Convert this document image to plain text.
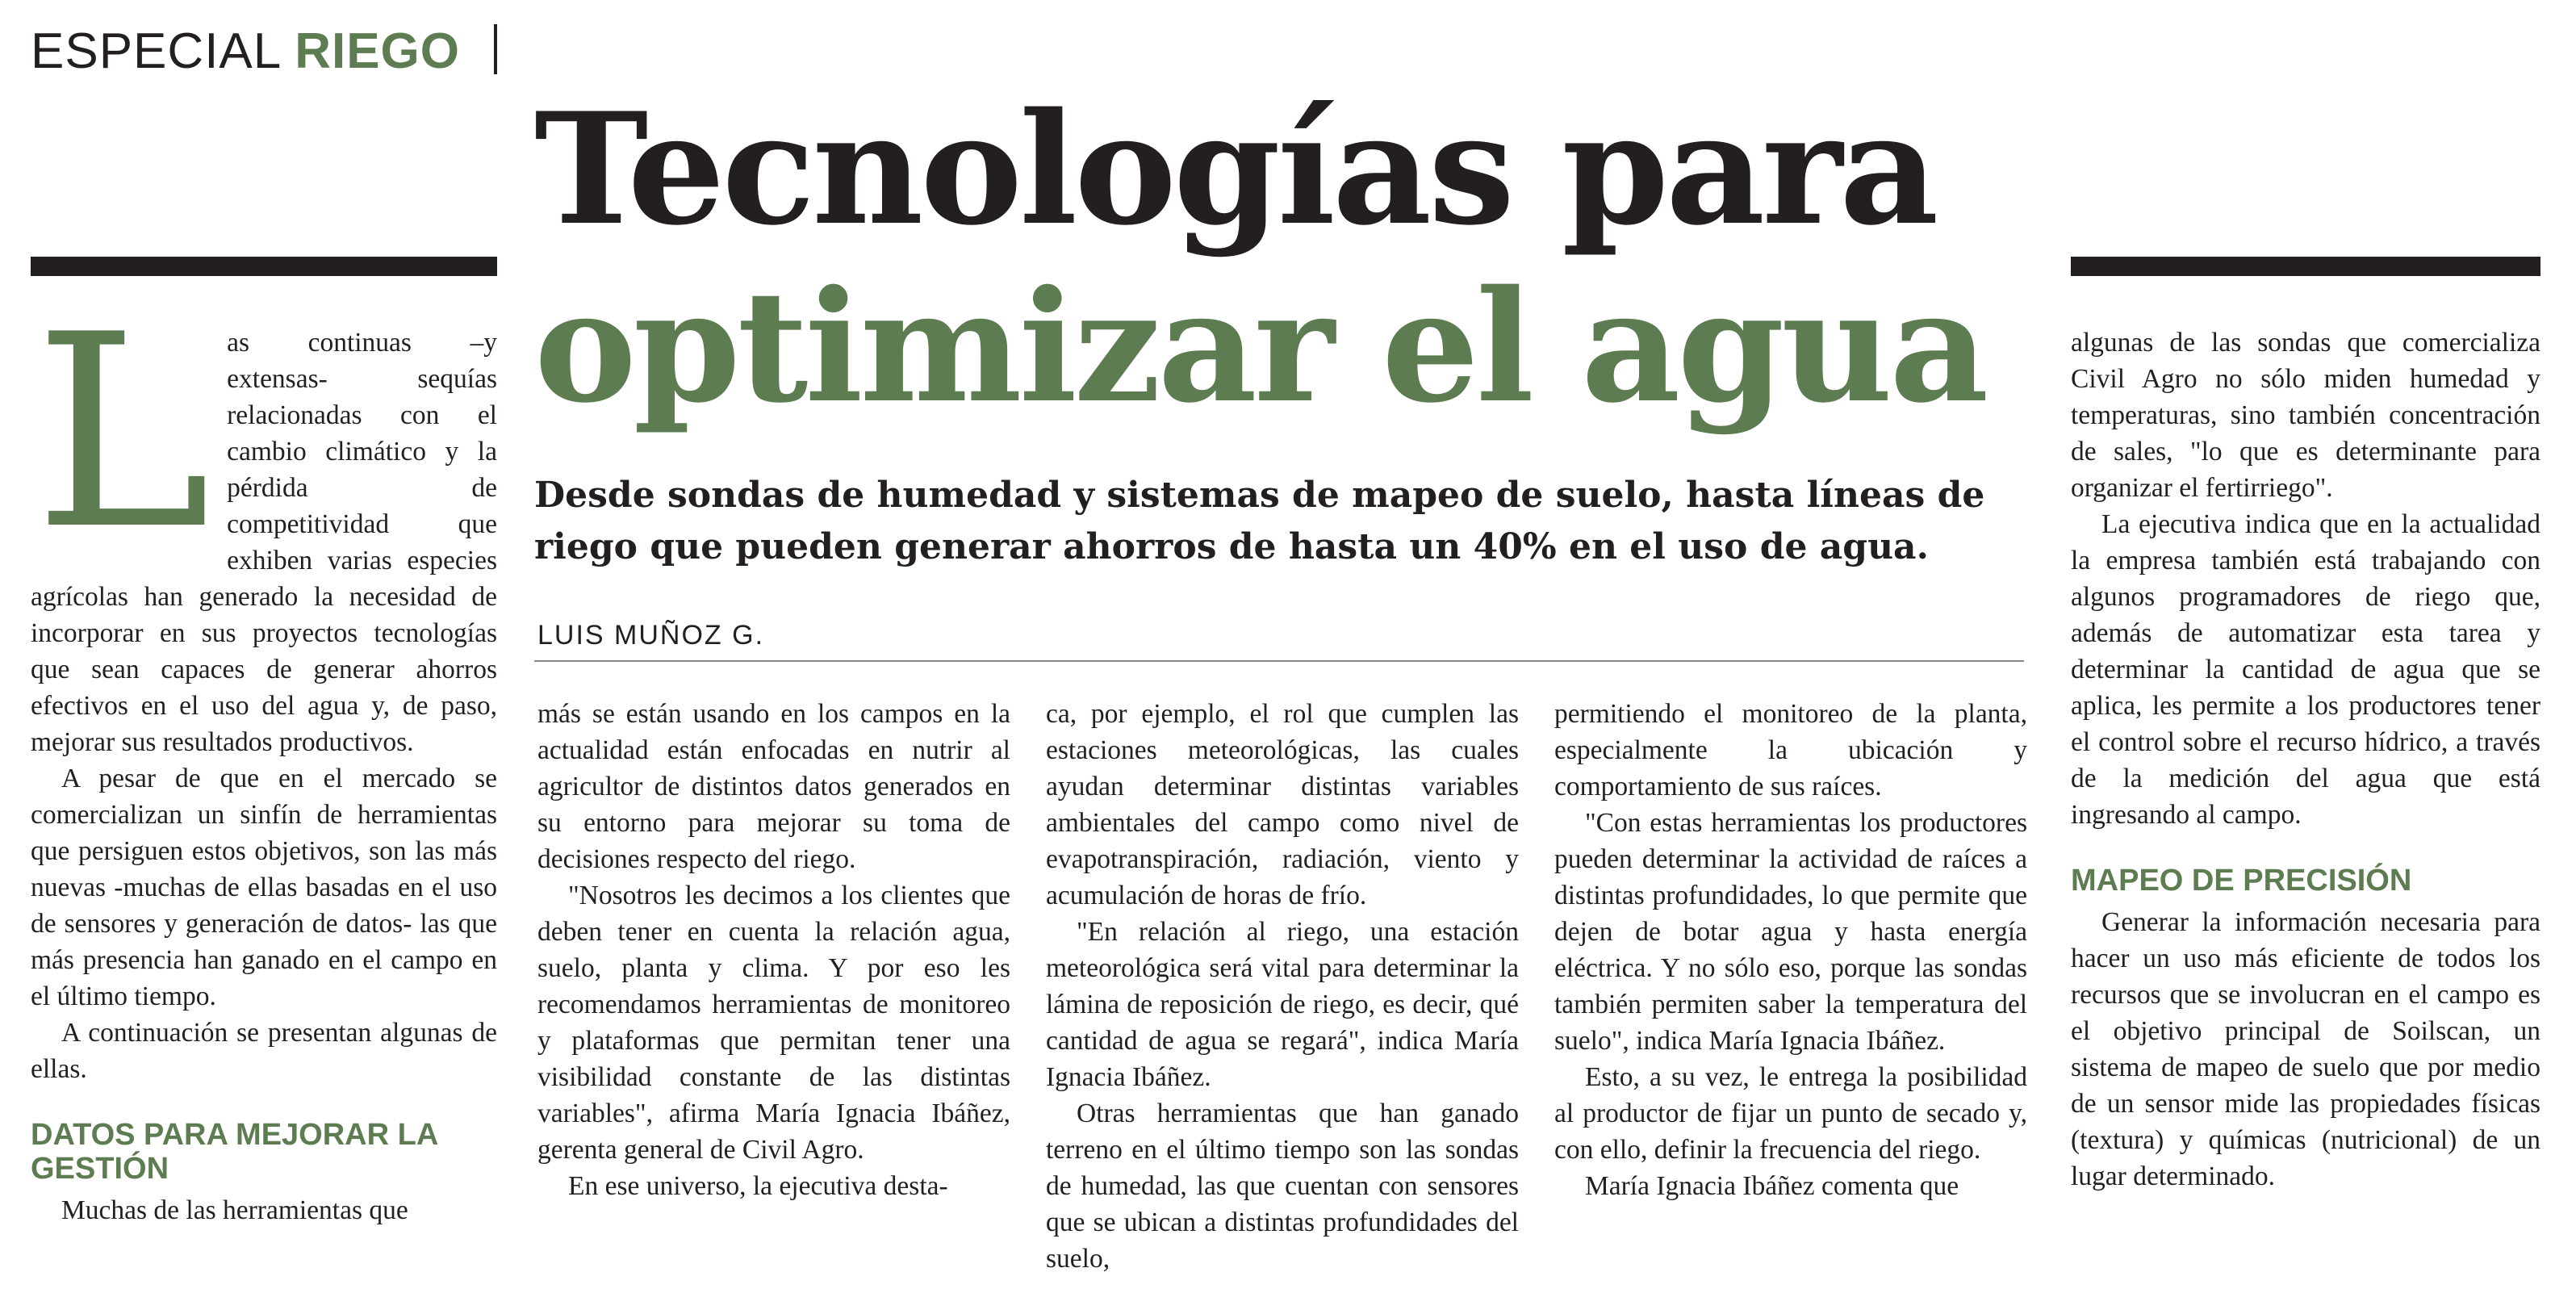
ESPECIAL RIEGO
Tecnologías para
optimizar el agua
Desde sondas de humedad y sistemas de mapeo de suelo, hasta líneas de riego que pueden generar ahorros de hasta un 40% en el uso de agua.
LUIS MUÑOZ G.
L as continuas –y extensas- sequías relacionadas con el cambio climático y la pérdida de competitividad que exhiben varias especies agrícolas han generado la necesidad de incorporar en sus proyectos tecnologías que sean capaces de generar ahorros efectivos en el uso del agua y, de paso, mejorar sus resultados productivos.

A pesar de que en el mercado se comercializan un sinfín de herramientas que persiguen estos objetivos, son las más nuevas -muchas de ellas basadas en el uso de sensores y generación de datos- las que más presencia han ganado en el campo en el último tiempo.

A continuación se presentan algunas de ellas.

DATOS PARA MEJORAR LA GESTIÓN

Muchas de las herramientas que

más se están usando en los campos en la actualidad están enfocadas en nutrir al agricultor de distintos datos generados en su entorno para mejorar su toma de decisiones respecto del riego.

"Nosotros les decimos a los clientes que deben tener en cuenta la relación agua, suelo, planta y clima. Y por eso les recomendamos herramientas de monitoreo y plataformas que permitan tener una visibilidad constante de las distintas variables", afirma María Ignacia Ibáñez, gerenta general de Civil Agro.

En ese universo, la ejecutiva desta-

ca, por ejemplo, el rol que cumplen las estaciones meteorológicas, las cuales ayudan determinar distintas variables ambientales del campo como nivel de evapotranspiración, radiación, viento y acumulación de horas de frío.

"En relación al riego, una estación meteorológica será vital para determinar la lámina de reposición de riego, es decir, qué cantidad de agua se regará", indica María Ignacia Ibáñez.

Otras herramientas que han ganado terreno en el último tiempo son las sondas de humedad, las que cuentan con sensores que se ubican a distintas profundidades del suelo,

permitiendo el monitoreo de la planta, especialmente la ubicación y comportamiento de sus raíces.

"Con estas herramientas los productores pueden determinar la actividad de raíces a distintas profundidades, lo que permite que dejen de botar agua y hasta energía eléctrica. Y no sólo eso, porque las sondas también permiten saber la temperatura del suelo", indica María Ignacia Ibáñez.

Esto, a su vez, le entrega la posibilidad al productor de fijar un punto de secado y, con ello, definir la frecuencia del riego.

María Ignacia Ibáñez comenta que

algunas de las sondas que comercializa Civil Agro no sólo miden humedad y temperaturas, sino también concentración de sales, "lo que es determinante para organizar el fertirriego".

La ejecutiva indica que en la actualidad la empresa también está trabajando con algunos programadores de riego que, además de automatizar esta tarea y determinar la cantidad de agua que se aplica, les permite a los productores tener el control sobre el recurso hídrico, a través de la medición del agua que está ingresando al campo.

MAPEO DE PRECISIÓN

Generar la información necesaria para hacer un uso más eficiente de todos los recursos que se involucran en el campo es el objetivo principal de Soilscan, un sistema de mapeo de suelo que por medio de un sensor mide las propiedades físicas (textura) y químicas (nutricional) de un lugar determinado.
